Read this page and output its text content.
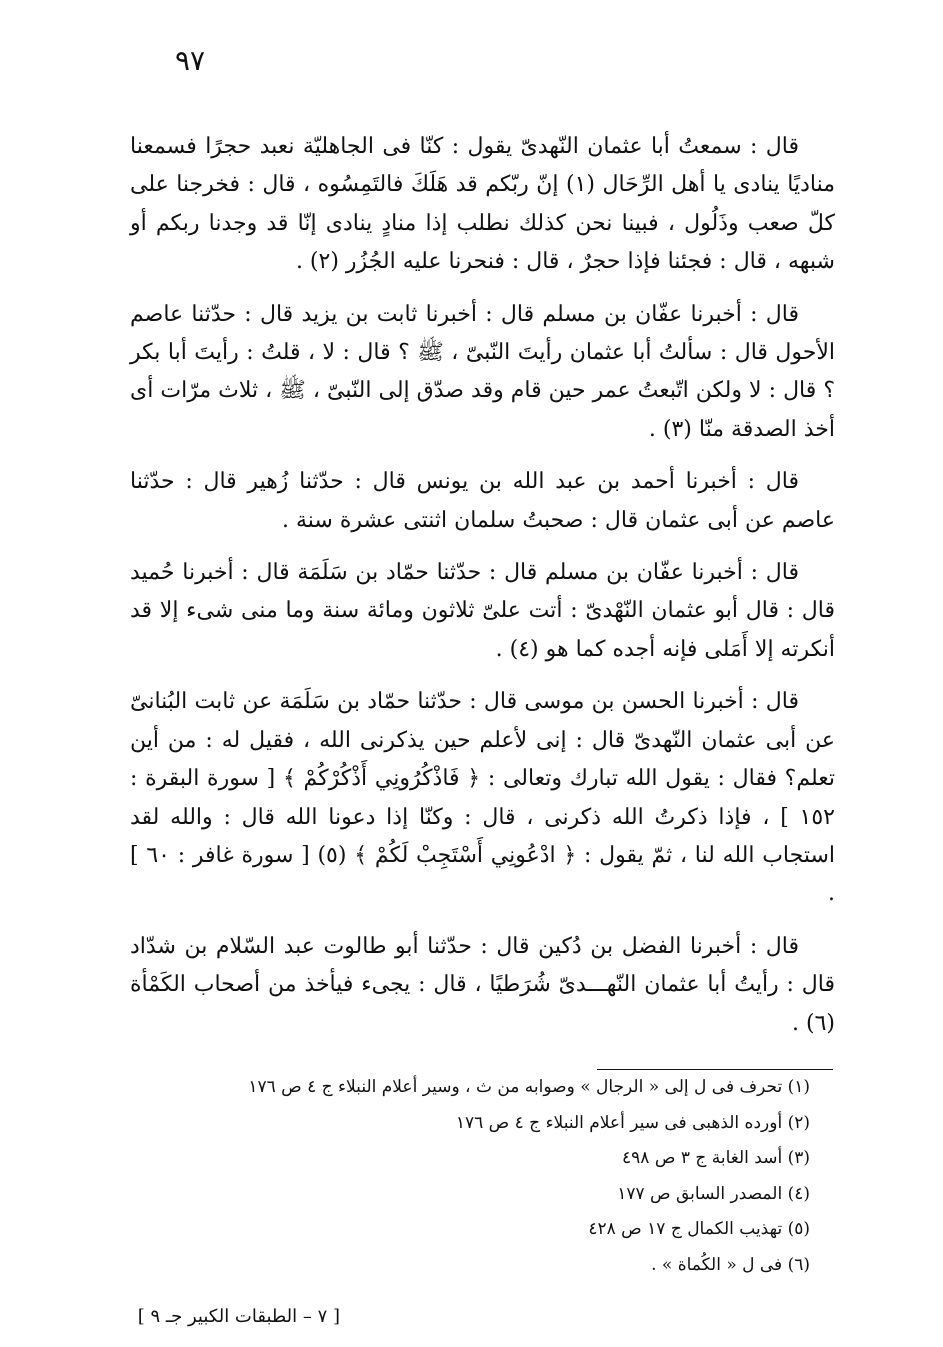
٩٧

قال : سمعتُ أبا عثمان النّهدىّ يقول : كنّا فى الجاهليّة نعبد حجرًا فسمعنا مناديًا ينادى يا أهل الرِّحَال (١) إنّ ربّكم قد هَلَكَ فالتَمِسُوه ، قال : فخرجنا على كلّ صعب وذَلُول ، فبينا نحن كذلك نطلب إذا منادٍ ينادى إنّا قد وجدنا ربكم أو شبهه ، قال : فجئنا فإذا حجرٌ ، قال : فنحرنا عليه الجُزُر (٢) .

قال : أخبرنا عفّان بن مسلم قال : أخبرنا ثابت بن يزيد قال : حدّثنا عاصم الأحول قال : سألتُ أبا عثمان رأيتَ النّبىّ ، ﷺ ؟ قال : لا ، قلتُ : رأيتَ أبا بكر ؟ قال : لا ولكن اتّبعتُ عمر حين قام وقد صدّق إلى النّبىّ ، ﷺ ، ثلاث مرّات أى أخذ الصدقة منّا (٣) .

قال : أخبرنا أحمد بن عبد الله بن يونس قال : حدّثنا زُهير قال : حدّثنا عاصم عن أبى عثمان قال : صحبتُ سلمان اثنتى عشرة سنة .

قال : أخبرنا عفّان بن مسلم قال : حدّثنا حمّاد بن سَلَمَة قال : أخبرنا حُميد قال : قال أبو عثمان النّهْدىّ : أتت علىّ ثلاثون ومائة سنة وما منى شىء إلا قد أنكرته إلا أَمَلى فإنه أجده كما هو (٤) .

قال : أخبرنا الحسن بن موسى قال : حدّثنا حمّاد بن سَلَمَة عن ثابت البُنانىّ عن أبى عثمان النّهدىّ قال : إنى لأعلم حين يذكرنى الله ، فقيل له : من أين تعلم؟ فقال : يقول الله تبارك وتعالى : ﴿ فَاذْكُرُونِي أَذْكُرْكُمْ ﴾ [ سورة البقرة : ١٥٢ ] ، فإذا ذكرتُ الله ذكرنى ، قال : وكنّا إذا دعونا الله قال : والله لقد استجاب الله لنا ، ثمّ يقول : ﴿ ادْعُونِي أَسْتَجِبْ لَكُمْ ﴾ (٥) [ سورة غافر : ٦٠ ] .

قال : أخبرنا الفضل بن دُكين قال : حدّثنا أبو طالوت عبد السّلام بن شدّاد قال : رأيتُ أبا عثمان النّهـــدىّ شُرَطيًا ، قال : يجىء فيأخذ من أصحاب الكَمْأة (٦) .

(١) تحرف فى ل إلى « الرجال » وصوابه من ث ، وسير أعلام النبلاء ج ٤ ص ١٧٦
(٢) أورده الذهبى فى سير أعلام النبلاء ج ٤ ص ١٧٦
(٣) أسد الغابة ج ٣ ص ٤٩٨
(٤) المصدر السابق ص ١٧٧
(٥) تهذيب الكمال ج ١٧ ص ٤٢٨
(٦) فى ل « الكُماة » .
[ ٧ – الطبقات الكبير جـ ٩ ]
